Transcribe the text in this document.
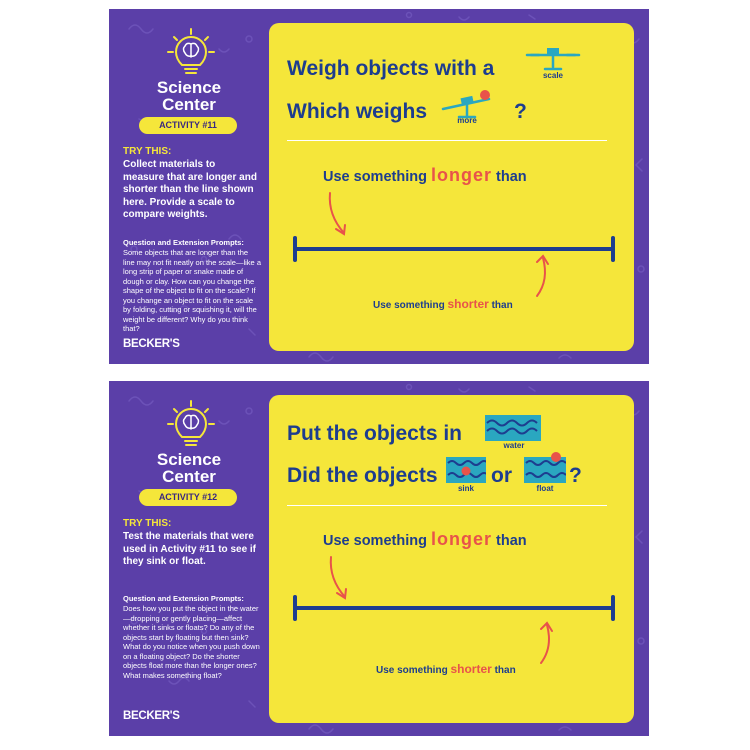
Science
Center
ACTIVITY #11
TRY THIS:
Collect materials to measure that are longer and shorter than the line shown here. Provide a scale to compare weights.
Question and Extension Prompts:
Some objects that are longer than the line may not fit neatly on the scale—like a long strip of paper or snake made of dough or clay. How can you change the shape of the object to fit on the scale? If you change an object to fit on the scale by folding, cutting or squishing it, will the weight be different? Why do you think that?
BECKER'S
Weigh objects with a	scale
Which weighs	more	?
Use something longer than
Use something shorter than
Science
Center
ACTIVITY #12
TRY THIS:
Test the materials that were used in Activity #11 to see if they sink or float.
Question and Extension Prompts:
Does how you put the object in the water—dropping or gently placing—affect whether it sinks or floats? Do any of the objects start by floating but then sink? What do you notice when you push down on a floating object? Do the shorter objects float more than the longer ones? What makes something float?
BECKER'S
Put the objects in
water
Did the objects
sink
or
float
?
Use something longer than
Use something shorter than
